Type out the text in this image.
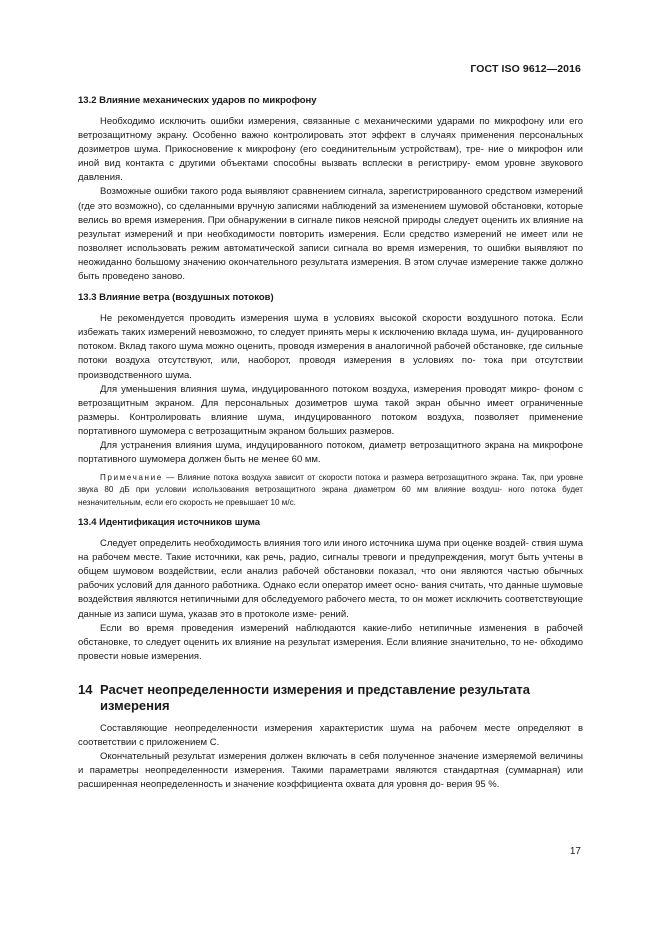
ГОСТ ISO 9612—2016
13.2 Влияние механических ударов по микрофону

Необходимо исключить ошибки измерения, связанные с механическими ударами по микрофону или его ветрозащитному экрану. Особенно важно контролировать этот эффект в случаях применения персональных дозиметров шума. Прикосновение к микрофону (его соединительным устройствам), тре- ние о микрофон или иной вид контакта с другими объектами способны вызвать всплески в регистриру- емом уровне звукового давления.

Возможные ошибки такого рода выявляют сравнением сигнала, зарегистрированного средством измерений (где это возможно), со сделанными вручную записями наблюдений за изменением шумовой обстановки, которые велись во время измерения. При обнаружении в сигнале пиков неясной природы следует оценить их влияние на результат измерений и при необходимости повторить измерения. Если средство измерений не имеет или не позволяет использовать режим автоматической записи сигнала во время измерения, то ошибки выявляют по неожиданно большому значению окончательного результата измерения. В этом случае измерение также должно быть проведено заново.

13.3 Влияние ветра (воздушных потоков)

Не рекомендуется проводить измерения шума в условиях высокой скорости воздушного потока. Если избежать таких измерений невозможно, то следует принять меры к исключению вклада шума, ин- дуцированного потоком. Вклад такого шума можно оценить, проводя измерения в аналогичной рабочей обстановке, где сильные потоки воздуха отсутствуют, или, наоборот, проводя измерения в условиях по- тока при отсутствии производственного шума.

Для уменьшения влияния шума, индуцированного потоком воздуха, измерения проводят микро- фоном с ветрозащитным экраном. Для персональных дозиметров шума такой экран обычно имеет ограниченные размеры. Контролировать влияние шума, индуцированного потоком воздуха, позволяет применение портативного шумомера с ветрозащитным экраном больших размеров.

Для устранения влияния шума, индуцированного потоком, диаметр ветрозащитного экрана на микрофоне портативного шумомера должен быть не менее 60 мм.

Примечание — Влияние потока воздуха зависит от скорости потока и размера ветрозащитного экрана. Так, при уровне звука 80 дБ при условии использования ветрозащитного экрана диаметром 60 мм влияние воздуш- ного потока будет незначительным, если его скорость не превышает 10 м/с.
13.4 Идентификация источников шума

Следует определить необходимость влияния того или иного источника шума при оценке воздей- ствия шума на рабочем месте. Такие источники, как речь, радио, сигналы тревоги и предупреждения, могут быть учтены в общем шумовом воздействии, если анализ рабочей обстановки показал, что они являются частью обычных рабочих условий для данного работника. Однако если оператор имеет осно- вания считать, что данные шумовые воздействия являются нетипичными для обследуемого рабочего места, то он может исключить соответствующие данные из записи шума, указав это в протоколе изме- рений.

Если во время проведения измерений наблюдаются какие-либо нетипичные изменения в рабочей обстановке, то следует оценить их влияние на результат измерения. Если влияние значительно, то не- обходимо провести новые измерения.

14 Расчет неопределенности измерения и представление результата измерения

Составляющие неопределенности измерения характеристик шума на рабочем месте определяют в соответствии с приложением C.

Окончательный результат измерения должен включать в себя полученное значение измеряемой величины и параметры неопределенности измерения. Такими параметрами являются стандартная (суммарная) или расширенная неопределенность и значение коэффициента охвата для уровня до- верия 95 %.

17
